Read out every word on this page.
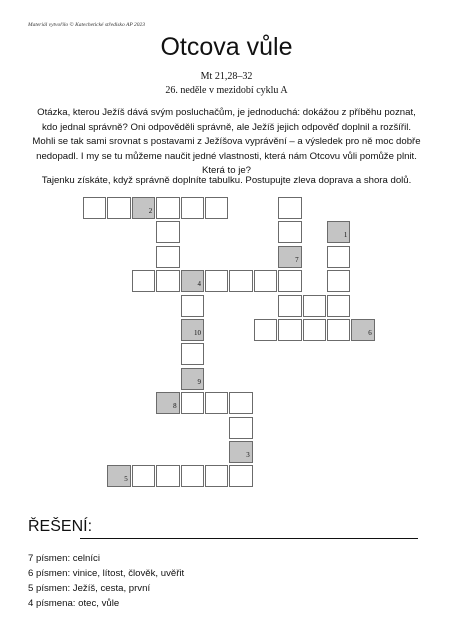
Materiál vytvořilo © Katechetické středisko AP 2023
Otcova vůle
Mt 21,28–32
26. neděle v mezidobí cyklu A
Otázka, kterou Ježíš dává svým posluchačům, je jednoduchá: dokážou z příběhu poznat, kdo jednal správně? Oni odpověděli správně, ale Ježíš jejich odpověď doplnil a rozšířil. Mohli se tak sami srovnat s postavami z Ježíšova vyprávění – a výsledek pro ně moc dobře nedopadl. I my se tu můžeme naučit jedné vlastnosti, která nám Otcovu vůli pomůže plnit. Která to je?
Tajenku získáte, když správně doplníte tabulku. Postupujte zleva doprava a shora dolů.
2
1
7
4
10	6
9
8
3
5
ŘEŠENÍ:
7 písmen: celníci
6 písmen: vinice, lítost, člověk, uvěřit
5 písmen: Ježíš, cesta, první
4 písmena: otec, vůle
